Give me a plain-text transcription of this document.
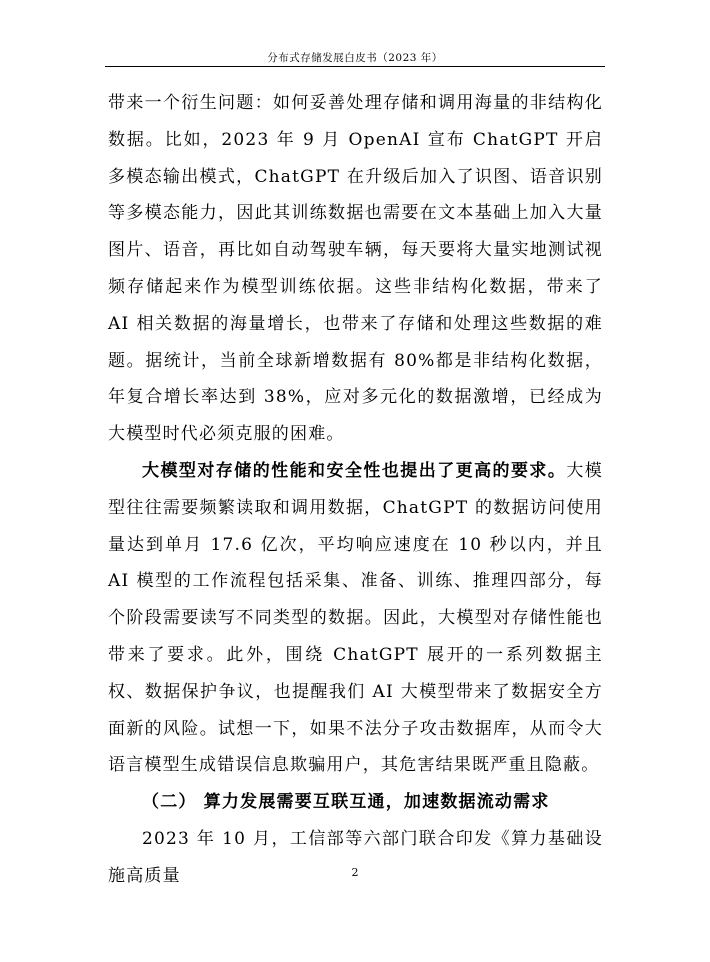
分布式存储发展白皮书（2023 年）

带来一个衍生问题：如何妥善处理存储和调用海量的非结构化数据。比如，2023 年 9 月 OpenAI 宣布 ChatGPT 开启多模态输出模式，ChatGPT 在升级后加入了识图、语音识别等多模态能力，因此其训练数据也需要在文本基础上加入大量图片、语音，再比如自动驾驶车辆，每天要将大量实地测试视频存储起来作为模型训练依据。这些非结构化数据，带来了 AI 相关数据的海量增长，也带来了存储和处理这些数据的难题。据统计，当前全球新增数据有 80%都是非结构化数据，年复合增长率达到 38%，应对多元化的数据激增，已经成为大模型时代必须克服的困难。

大模型对存储的性能和安全性也提出了更高的要求。大模型往往需要频繁读取和调用数据，ChatGPT 的数据访问使用量达到单月 17.6 亿次，平均响应速度在 10 秒以内，并且 AI 模型的工作流程包括采集、准备、训练、推理四部分，每个阶段需要读写不同类型的数据。因此，大模型对存储性能也带来了要求。此外，围绕 ChatGPT 展开的一系列数据主权、数据保护争议，也提醒我们 AI 大模型带来了数据安全方面新的风险。试想一下，如果不法分子攻击数据库，从而令大语言模型生成错误信息欺骗用户，其危害结果既严重且隐蔽。

（二） 算力发展需要互联互通，加速数据流动需求

2023 年 10 月，工信部等六部门联合印发《算力基础设施高质量	2
